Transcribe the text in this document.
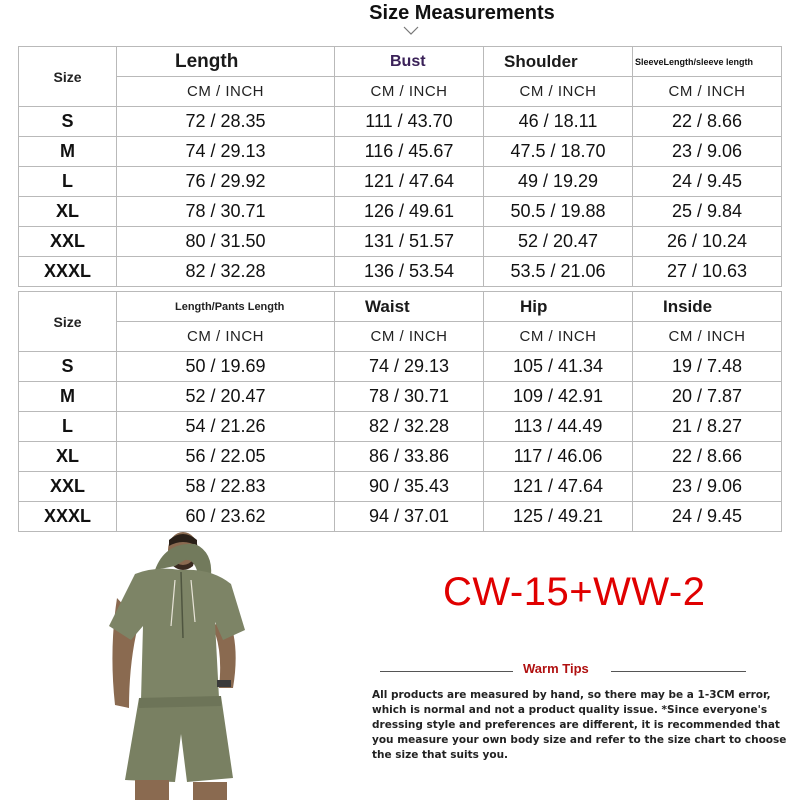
Size Measurements
Size	Length	Bust	Shoulder	SleeveLength/sleeve length
	CM / INCH	CM / INCH	CM / INCH	CM / INCH
S	72 / 28.35	111 / 43.70	46 / 18.11	22 / 8.66
M	74 / 29.13	116 / 45.67	47.5 / 18.70	23 / 9.06
L	76 / 29.92	121 / 47.64	49 / 19.29	24 / 9.45
XL	78 / 30.71	126 / 49.61	50.5 / 19.88	25 / 9.84
XXL	80 / 31.50	131 / 51.57	52 / 20.47	26 / 10.24
XXXL	82 / 32.28	136 / 53.54	53.5 / 21.06	27 / 10.63
Size	Length/Pants Length	Waist	Hip	Inside
	CM / INCH	CM / INCH	CM / INCH	CM / INCH
S	50 / 19.69	74 / 29.13	105 / 41.34	19 / 7.48
M	52 / 20.47	78 / 30.71	109 / 42.91	20 / 7.87
L	54 / 21.26	82 / 32.28	113 / 44.49	21 / 8.27
XL	56 / 22.05	86 / 33.86	117 / 46.06	22 / 8.66
XXL	58 / 22.83	90 / 35.43	121 / 47.64	23 / 9.06
XXXL	60 / 23.62	94 / 37.01	125 / 49.21	24 / 9.45
CW-15+WW-2
Warm Tips
All products are measured by hand, so there may be a 1-3CM error, which is normal and not a product quality issue. *Since everyone's dressing style and preferences are different, it is recommended that you measure your own body size and refer to the size chart to choose the size that suits you.
